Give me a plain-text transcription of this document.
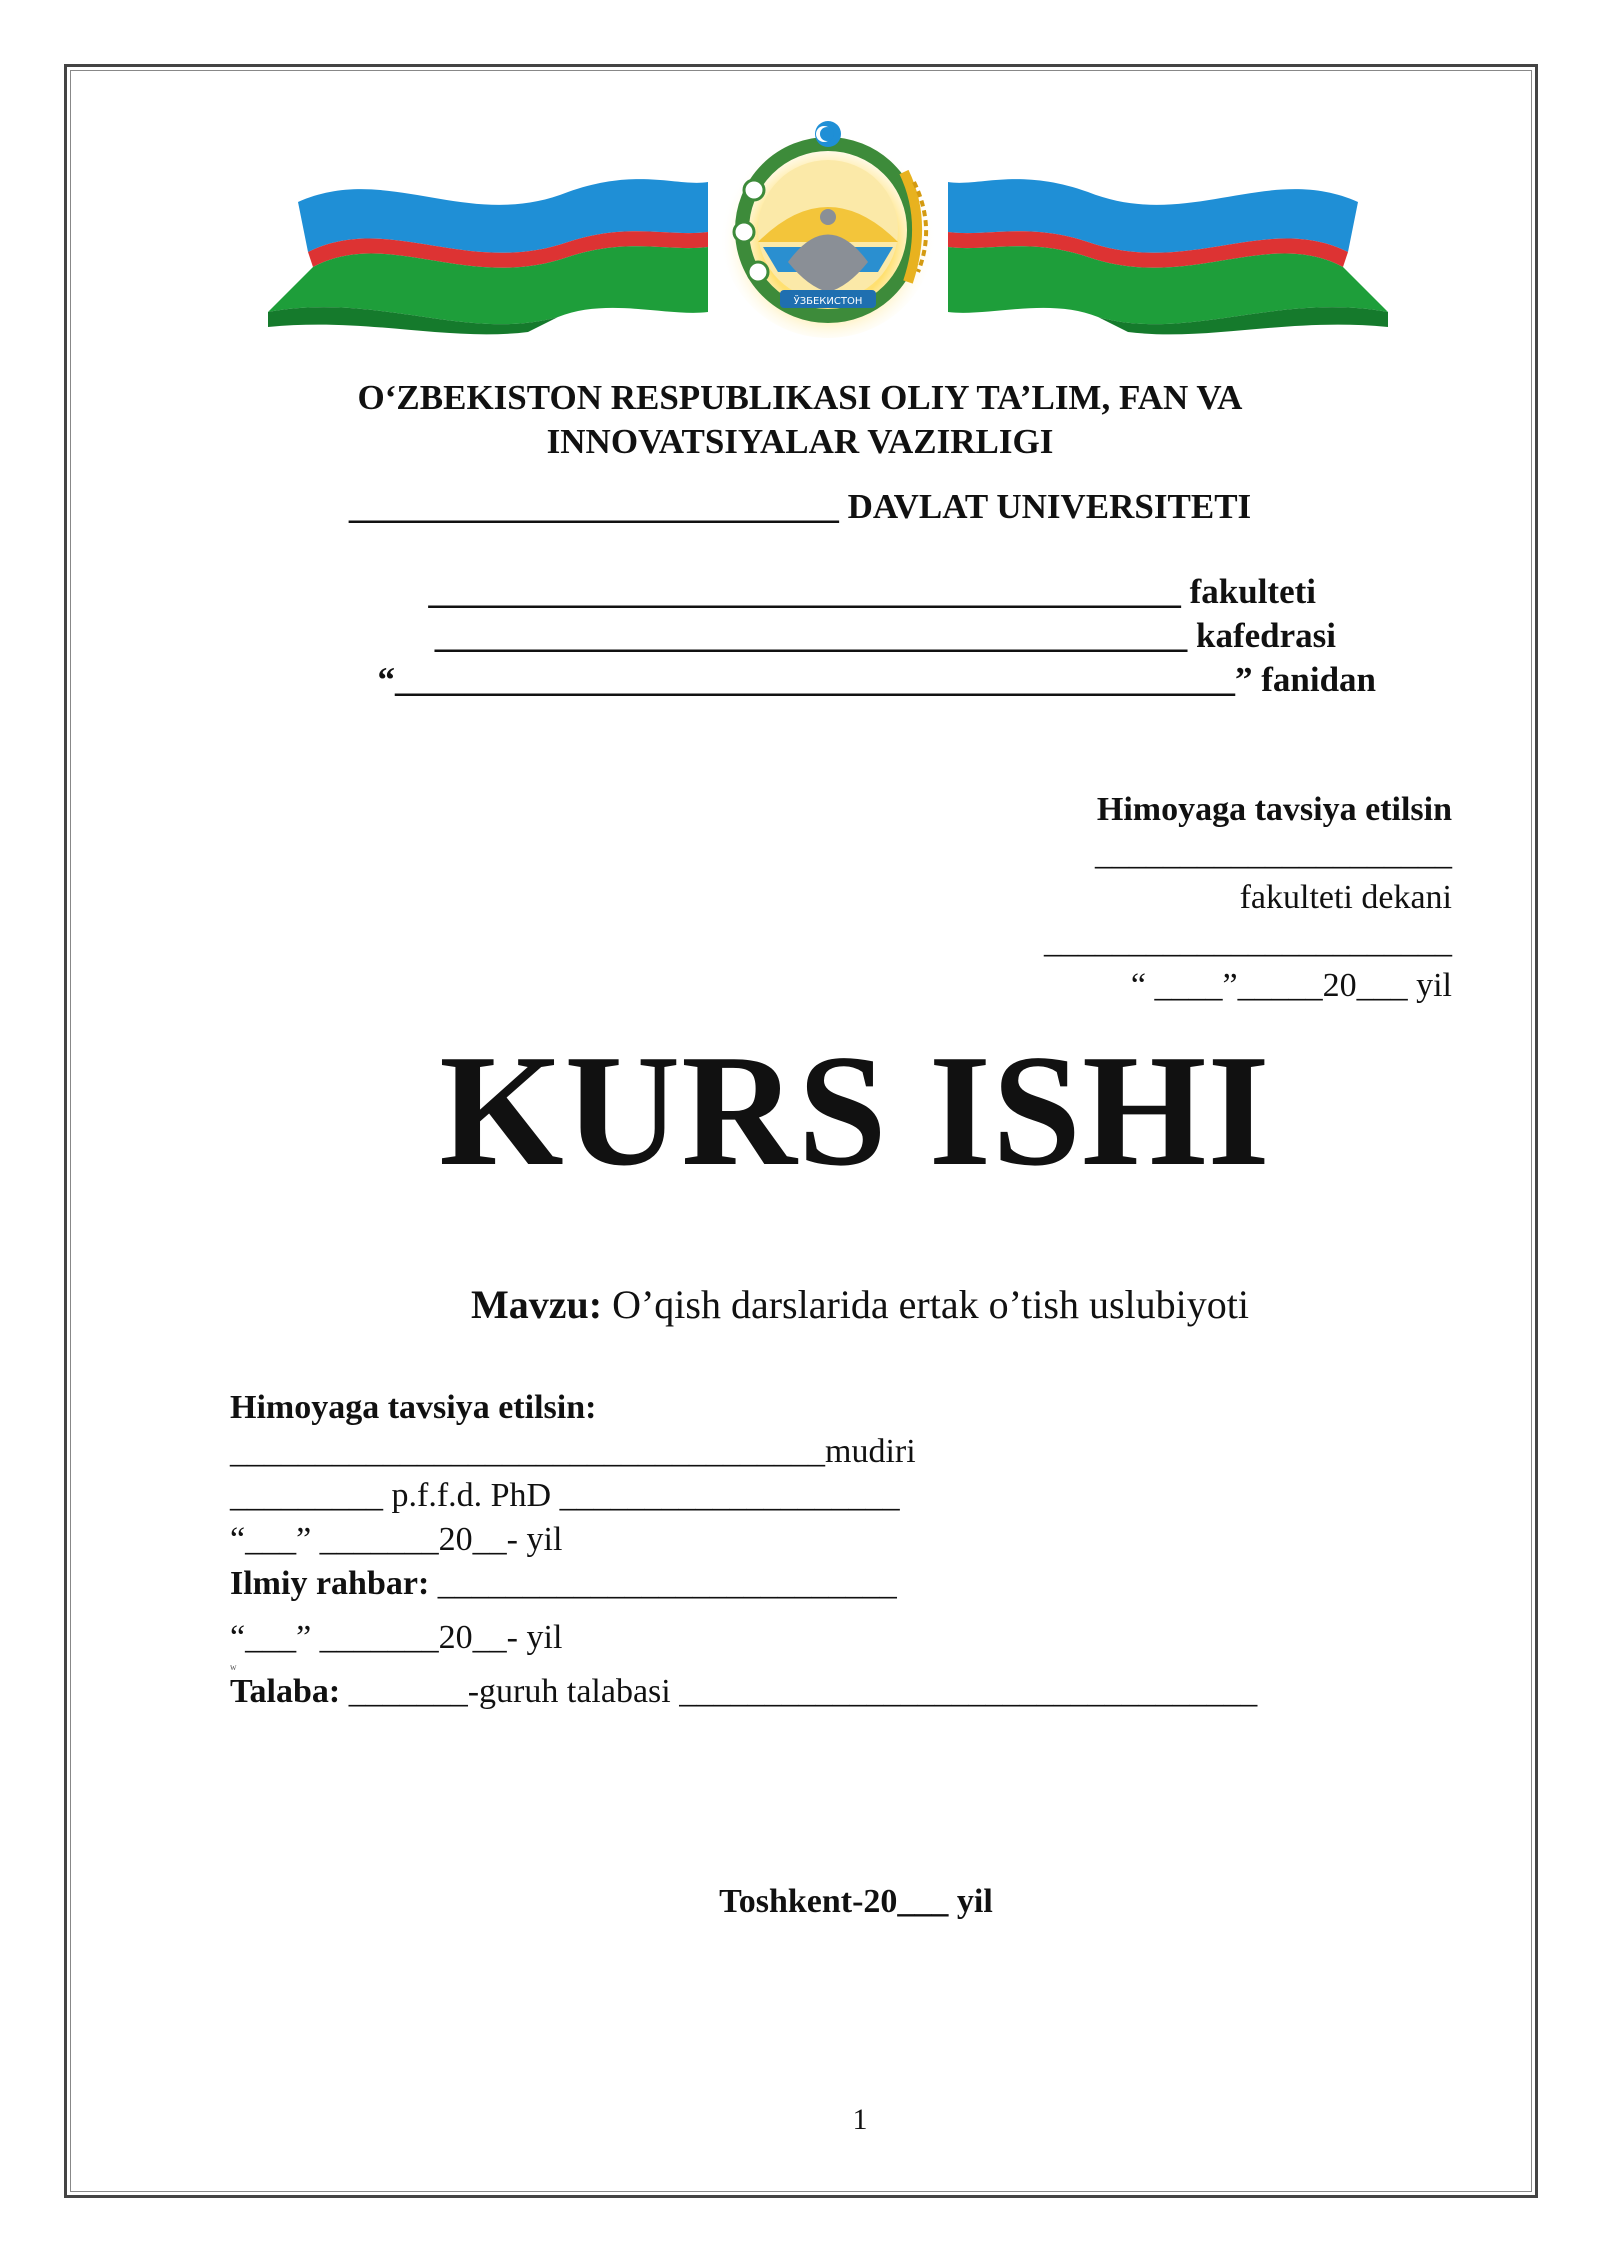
ЎЗБЕКИСТОН
O‘ZBEKISTON RESPUBLIKASI OLIY TA’LIM, FAN VA
INNOVATSIYALAR VAZIRLIGI
____________________________ DAVLAT UNIVERSITETI
___________________________________________ fakulteti
___________________________________________ kafedrasi
“________________________________________________” fanidan
Himoyaga tavsiya etilsin
_____________________
fakulteti dekani
________________________
“ ____”_____20___ yil
KURS ISHI
Mavzu: O’qish darslarida ertak o’tish uslubiyoti
Himoyaga tavsiya etilsin:
___________________________________mudiri
_________ p.f.f.d. PhD ____________________
“___” _______20__- yil
Ilmiy rahbar: ___________________________
“___” _______20__- yil
w
Talaba: _______-guruh talabasi __________________________________
Toshkent-20___ yil
1
